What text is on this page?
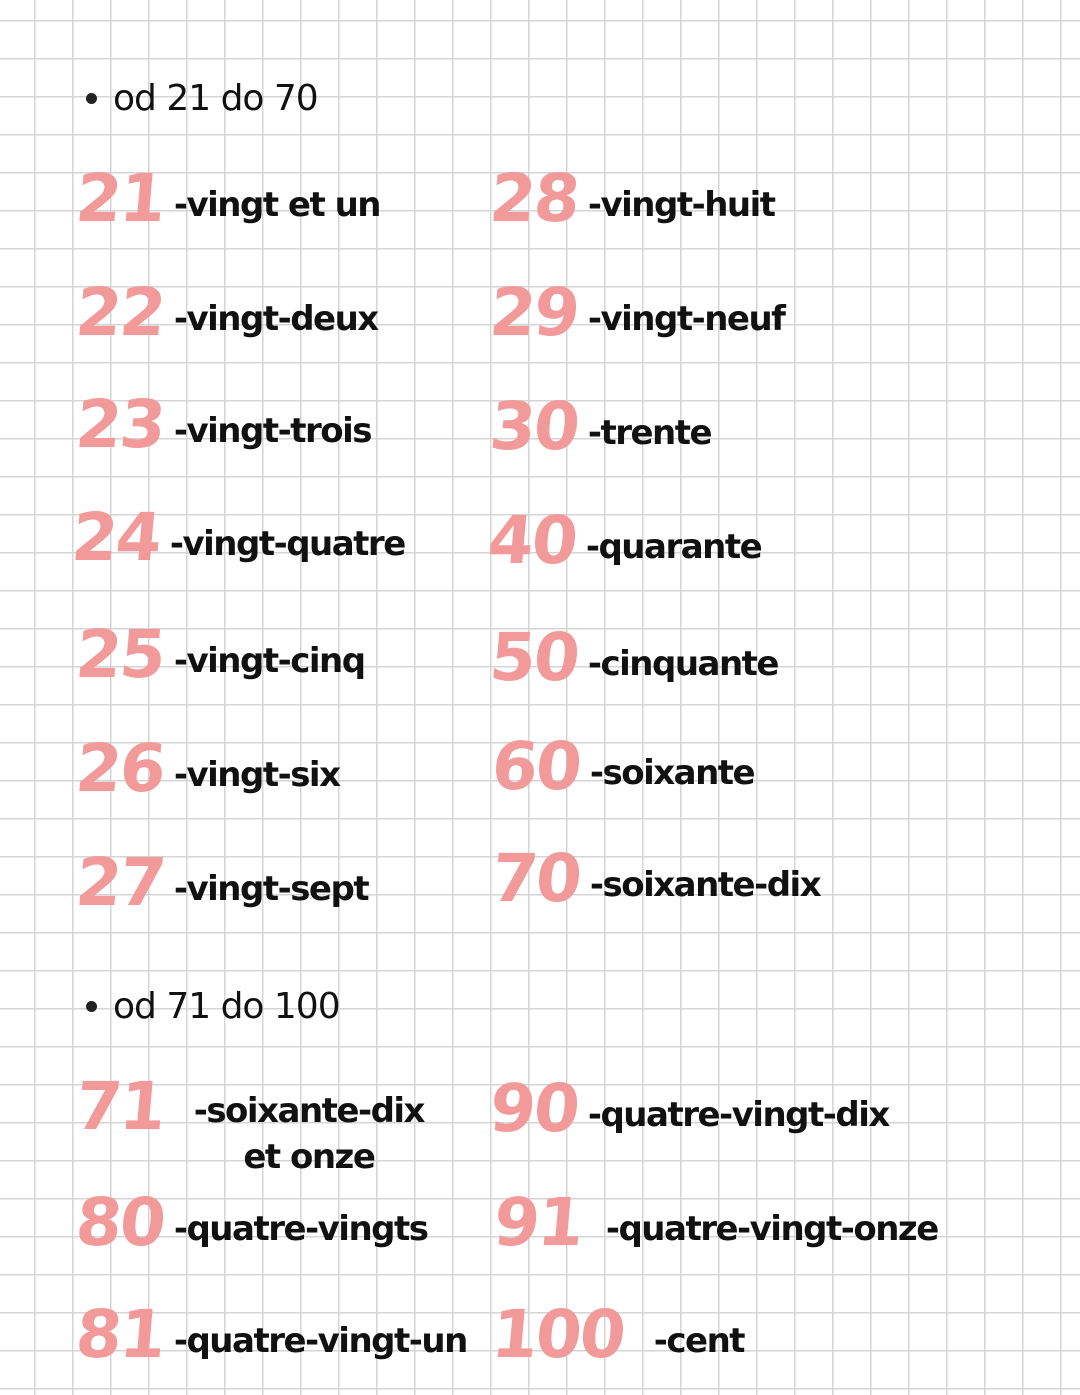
od 21 do 70
21 -vingt et un
22 -vingt-deux
23 -vingt-trois
24 -vingt-quatre
25 -vingt-cinq
26 -vingt-six
27 -vingt-sept
28 -vingt-huit
29 -vingt-neuf
30 -trente
40 -quarante
50 -cinquante
60 -soixante
70 -soixante-dix
od 71 do 100
71 -soixante-dix et onze
80 -quatre-vingts
81 -quatre-vingt-un
90 -quatre-vingt-dix
91 -quatre-vingt-onze
100 -cent
